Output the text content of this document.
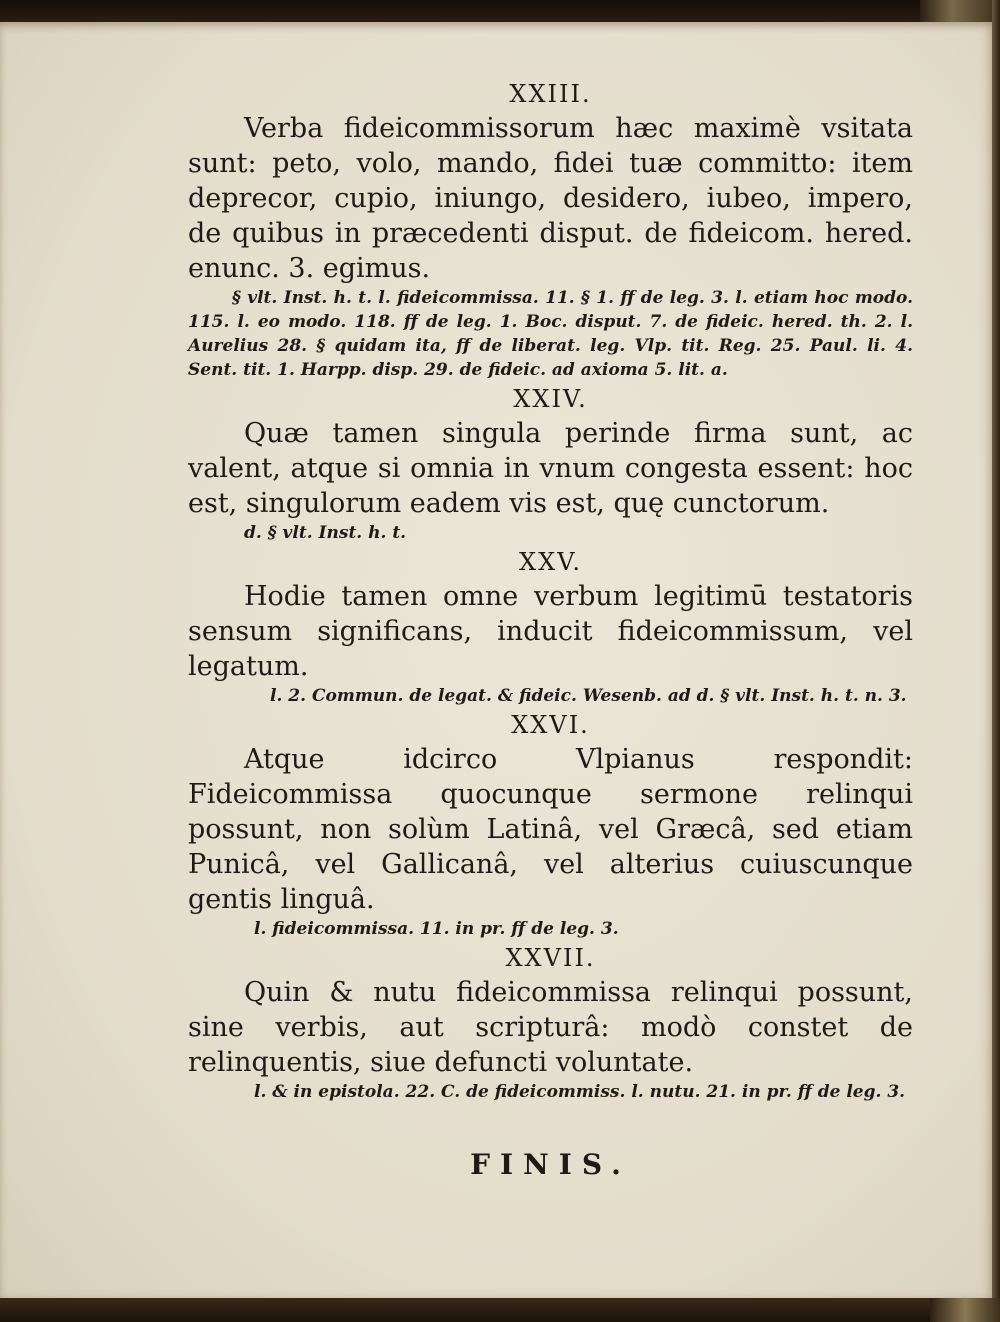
XXIII.

Verba fideicommissorum hæc maximè vsitata sunt: peto, volo, mando, fidei tuæ committo: item deprecor, cupio, iniungo, desidero, iubeo, impero, de quibus in præcedenti disput. de fideicom. hered. enunc. 3. egimus.

§ vlt. Inst. h. t. l. fideicommissa. 11. § 1. ff de leg. 3. l. etiam hoc modo. 115. l. eo modo. 118. ff de leg. 1. Boc. disput. 7. de fideic. hered. th. 2. l. Aurelius 28. § quidam ita, ff de liberat. leg. Vlp. tit. Reg. 25. Paul. li. 4. Sent. tit. 1. Harpp. disp. 29. de fideic. ad axioma 5. lit. a.

XXIV.

Quæ tamen singula perinde firma sunt, ac valent, atque si omnia in vnum congesta essent: hoc est, singulorum eadem vis est, quę cunctorum.

d. § vlt. Inst. h. t.

XXV.

Hodie tamen omne verbum legitimū testatoris sensum significans, inducit fideicommissum, vel legatum.

l. 2. Commun. de legat. & fideic. Wesenb. ad d. § vlt. Inst. h. t. n. 3.

XXVI.

Atque idcirco Vlpianus respondit: Fideicommissa quocunque sermone relinqui possunt, non solùm Latinâ, vel Græcâ, sed etiam Punicâ, vel Gallicanâ, vel alterius cuiuscunque gentis linguâ.

l. fideicommissa. 11. in pr. ff de leg. 3.

XXVII.

Quin & nutu fideicommissa relinqui possunt, sine verbis, aut scripturâ: modò constet de relinquentis, siue defuncti voluntate.

l. & in epistola. 22. C. de fideicommiss. l. nutu. 21. in pr. ff de leg. 3.

FINIS.
